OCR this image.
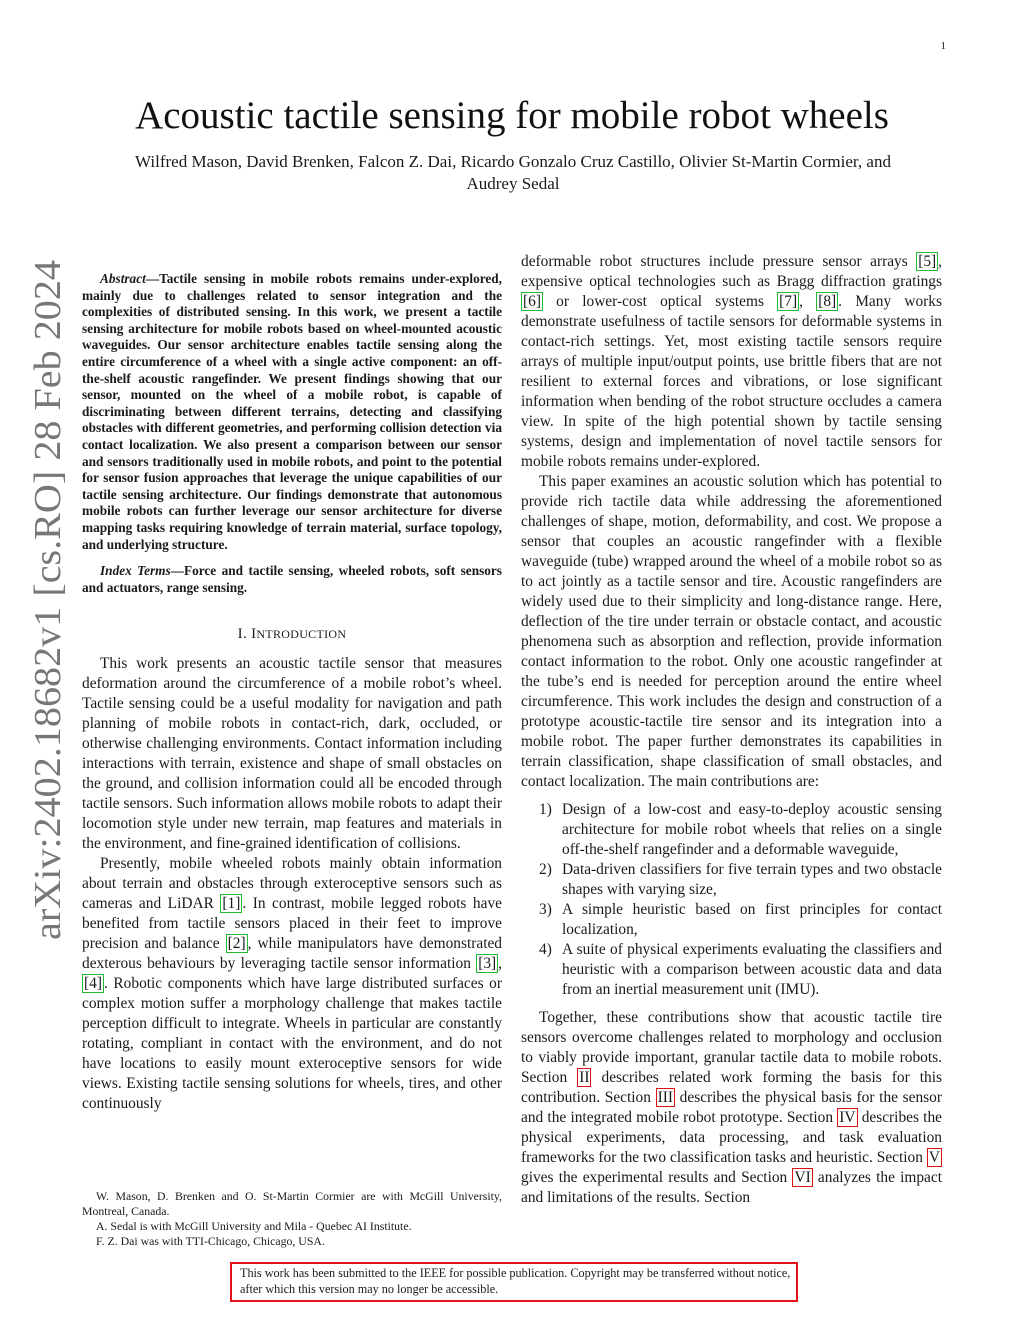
1
arXiv:2402.18682v1 [cs.RO] 28 Feb 2024
Acoustic tactile sensing for mobile robot wheels
Wilfred Mason, David Brenken, Falcon Z. Dai, Ricardo Gonzalo Cruz Castillo, Olivier St-Martin Cormier, and Audrey Sedal

Abstract—Tactile sensing in mobile robots remains under-explored, mainly due to challenges related to sensor integration and the complexities of distributed sensing. In this work, we present a tactile sensing architecture for mobile robots based on wheel-mounted acoustic waveguides. Our sensor architecture enables tactile sensing along the entire circumference of a wheel with a single active component: an off-the-shelf acoustic rangefinder. We present findings showing that our sensor, mounted on the wheel of a mobile robot, is capable of discriminating between different terrains, detecting and classifying obstacles with different geometries, and performing collision detection via contact localization. We also present a comparison between our sensor and sensors traditionally used in mobile robots, and point to the potential for sensor fusion approaches that leverage the unique capabilities of our tactile sensing architecture. Our findings demonstrate that autonomous mobile robots can further leverage our sensor architecture for diverse mapping tasks requiring knowledge of terrain material, surface topology, and underlying structure.

Index Terms—Force and tactile sensing, wheeled robots, soft sensors and actuators, range sensing.

I. INTRODUCTION

This work presents an acoustic tactile sensor that measures deformation around the circumference of a mobile robot’s wheel. Tactile sensing could be a useful modality for navigation and path planning of mobile robots in contact-rich, dark, occluded, or otherwise challenging environments. Contact information including interactions with terrain, existence and shape of small obstacles on the ground, and collision information could all be encoded through tactile sensors. Such information allows mobile robots to adapt their locomotion style under new terrain, map features and materials in the environment, and fine-grained identification of collisions.

Presently, mobile wheeled robots mainly obtain information about terrain and obstacles through exteroceptive sensors such as cameras and LiDAR [1] . In contrast, mobile legged robots have benefited from tactile sensors placed in their feet to improve precision and balance [2] , while manipulators have demonstrated dexterous behaviours by leveraging tactile sensor information [3] , [4] . Robotic components which have large distributed surfaces or complex motion suffer a morphology challenge that makes tactile perception difficult to integrate. Wheels in particular are constantly rotating, compliant in contact with the environment, and do not have locations to easily mount exteroceptive sensors for wide views. Existing tactile sensing solutions for wheels, tires, and other continuously

W. Mason, D. Brenken and O. St-Martin Cormier are with McGill University, Montreal, Canada.
A. Sedal is with McGill University and Mila - Quebec AI Institute.
F. Z. Dai was with TTI-Chicago, Chicago, USA.

deformable robot structures include pressure sensor arrays [5] , expensive optical technologies such as Bragg diffraction gratings [6] or lower-cost optical systems [7] , [8] . Many works demonstrate usefulness of tactile sensors for deformable systems in contact-rich settings. Yet, most existing tactile sensors require arrays of multiple input/output points, use brittle fibers that are not resilient to external forces and vibrations, or lose significant information when bending of the robot structure occludes a camera view. In spite of the high potential shown by tactile sensing systems, design and implementation of novel tactile sensors for mobile robots remains under-explored.

This paper examines an acoustic solution which has potential to provide rich tactile data while addressing the aforementioned challenges of shape, motion, deformability, and cost. We propose a sensor that couples an acoustic rangefinder with a flexible waveguide (tube) wrapped around the wheel of a mobile robot so as to act jointly as a tactile sensor and tire. Acoustic rangefinders are widely used due to their simplicity and long-distance range. Here, deflection of the tire under terrain or obstacle contact, and acoustic phenomena such as absorption and reflection, provide information contact information to the robot. Only one acoustic rangefinder at the tube’s end is needed for perception around the entire wheel circumference. This work includes the design and construction of a prototype acoustic-tactile tire sensor and its integration into a mobile robot. The paper further demonstrates its capabilities in terrain classification, shape classification of small obstacles, and contact localization. The main contributions are:

1) Design of a low-cost and easy-to-deploy acoustic sensing architecture for mobile robot wheels that relies on a single off-the-shelf rangefinder and a deformable waveguide,
2) Data-driven classifiers for five terrain types and two obstacle shapes with varying size,
3) A simple heuristic based on first principles for contact localization,
4) A suite of physical experiments evaluating the classifiers and heuristic with a comparison between acoustic data and data from an inertial measurement unit (IMU).

Together, these contributions show that acoustic tactile tire sensors overcome challenges related to morphology and occlusion to viably provide important, granular tactile data to mobile robots. Section II describes related work forming the basis for this contribution. Section III describes the physical basis for the sensor and the integrated mobile robot prototype. Section IV describes the physical experiments, data processing, and task evaluation frameworks for the two classification tasks and heuristic. Section V gives the experimental results and Section VI analyzes the impact and limitations of the results. Section

This work has been submitted to the IEEE for possible publication. Copyright may be transferred without notice, after which this version may no longer be accessible.
